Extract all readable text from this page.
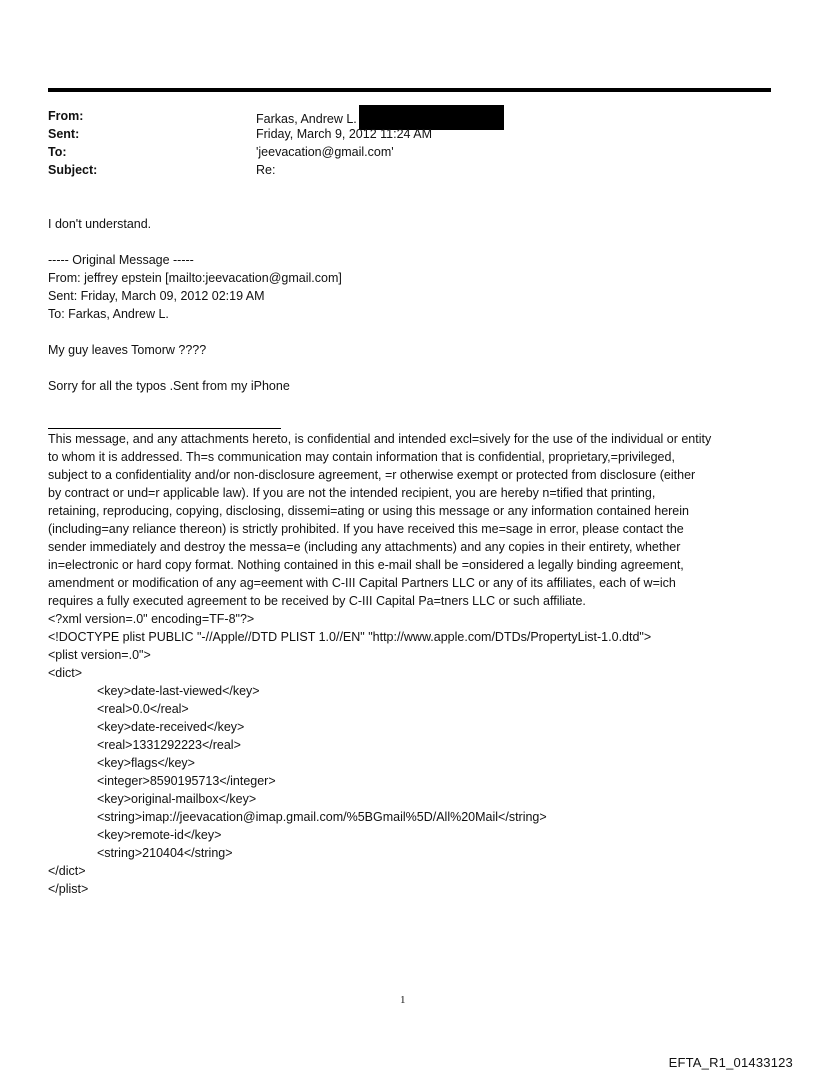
From:	Farkas, Andrew L.
Sent:	Friday, March 9, 2012 11:24 AM
To:	'jeevacation@gmail.com'
Subject:	Re:
I don't understand.
----- Original Message -----
From: jeffrey epstein [mailto:jeevacation@gmail.com]
Sent: Friday, March 09, 2012 02:19 AM
To: Farkas, Andrew L.
My guy leaves Tomorw ????
Sorry for all the typos .Sent from my iPhone
This message, and any attachments hereto, is confidential and intended excl=sively for the use of the individual or entity
to whom it is addressed. Th=s communication may contain information that is confidential, proprietary,=privileged,
subject to a confidentiality and/or non-disclosure agreement, =r otherwise exempt or protected from disclosure (either
by contract or und=r applicable law). If you are not the intended recipient, you are hereby n=tified that printing,
retaining, reproducing, copying, disclosing, dissemi=ating or using this message or any information contained herein
(including=any reliance thereon) is strictly prohibited. If you have received this me=sage in error, please contact the
sender immediately and destroy the messa=e (including any attachments) and any copies in their entirety, whether
in=electronic or hard copy format. Nothing contained in this e-mail shall be =onsidered a legally binding agreement,
amendment or modification of any ag=eement with C-III Capital Partners LLC or any of its affiliates, each of w=ich
requires a fully executed agreement to be received by C-III Capital Pa=tners LLC or such affiliate.
<?xml version=.0" encoding=TF-8"?>
<!DOCTYPE plist PUBLIC "-//Apple//DTD PLIST 1.0//EN" "http://www.apple.com/DTDs/PropertyList-1.0.dtd">
<plist version=.0">
<dict>
<key>date-last-viewed</key>
<real>0.0</real>
<key>date-received</key>
<real>1331292223</real>
<key>flags</key>
<integer>8590195713</integer>
<key>original-mailbox</key>
<string>imap://jeevacation@imap.gmail.com/%5BGmail%5D/All%20Mail</string>
<key>remote-id</key>
<string>210404</string>
</dict>
</plist>
1
EFTA_R1_01433123
